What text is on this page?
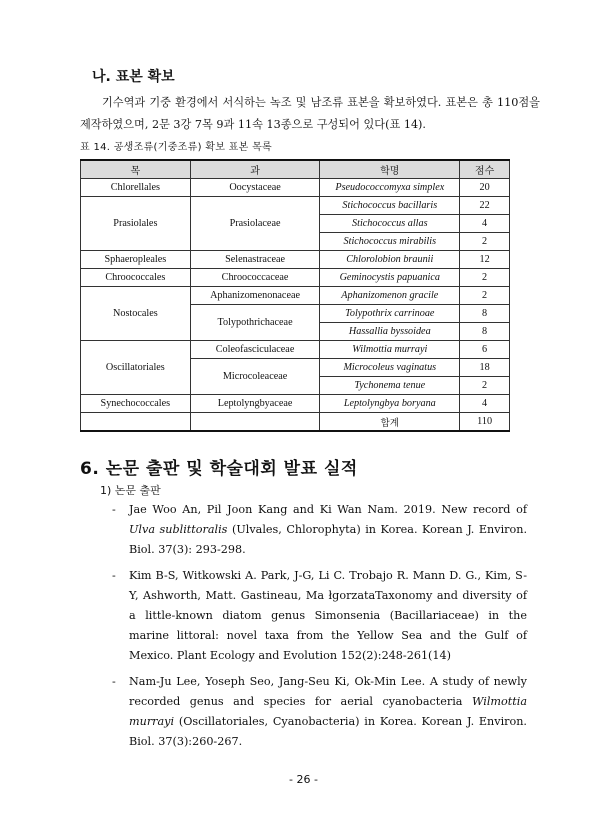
나. 표본 확보

기수역과 기중 환경에서 서식하는 녹조 및 남조류 표본을 확보하였다. 표본은 총 110점을 제작하였으며, 2문 3강 7목 9과 11속 13종으로 구성되어 있다(표 14).

표 14. 공생조류(기중조류) 확보 표본 목록
목	과	학명	점수
Chlorellales	Oocystaceae	Pseudococcomyxa simplex	20
Prasiolales	Prasiolaceae	Stichococcus bacillaris	22
		Stichococcus allas	4
		Stichococcus mirabilis	2
Sphaeropleales	Selenastraceae	Chlorolobion braunii	12
Chroococcales	Chroococcaceae	Geminocystis papuanica	2
Nostocales	Aphanizomenonaceae	Aphanizomenon gracile	2
	Tolypothrichaceae	Tolypothrix carrinoae	8
		Hassallia byssoidea	8
Oscillatoriales	Coleofasciculaceae	Wilmottia murrayi	6
	Microcoleaceae	Microcoleus vaginatus	18
		Tychonema tenue	2
Synechococcales	Leptolyngbyaceae	Leptolyngbya boryana	4
		합계	110
6. 논문 출판 및 학술대회 발표 실적
1) 논문 출판
- Jae Woo An, Pil Joon Kang and Ki Wan Nam. 2019. New record of Ulva sublittoralis (Ulvales, Chlorophyta) in Korea. Korean J. Environ. Biol. 37(3): 293-298.
- Kim B-S, Witkowski A. Park, J-G, Li C. Trobajo R. Mann D. G., Kim, S-Y, Ashworth, Matt. Gastineau, Ma łgorzataTaxonomy and diversity of a little-known diatom genus Simonsenia (Bacillariaceae) in the marine littoral: novel taxa from the Yellow Sea and the Gulf of Mexico. Plant Ecology and Evolution 152(2):248-261(14)
- Nam-Ju Lee, Yoseph Seo, Jang-Seu Ki, Ok-Min Lee. A study of newly recorded genus and species for aerial cyanobacteria Wilmottia murrayi (Oscillatoriales, Cyanobacteria) in Korea. Korean J. Environ. Biol. 37(3):260-267.
- 26 -
